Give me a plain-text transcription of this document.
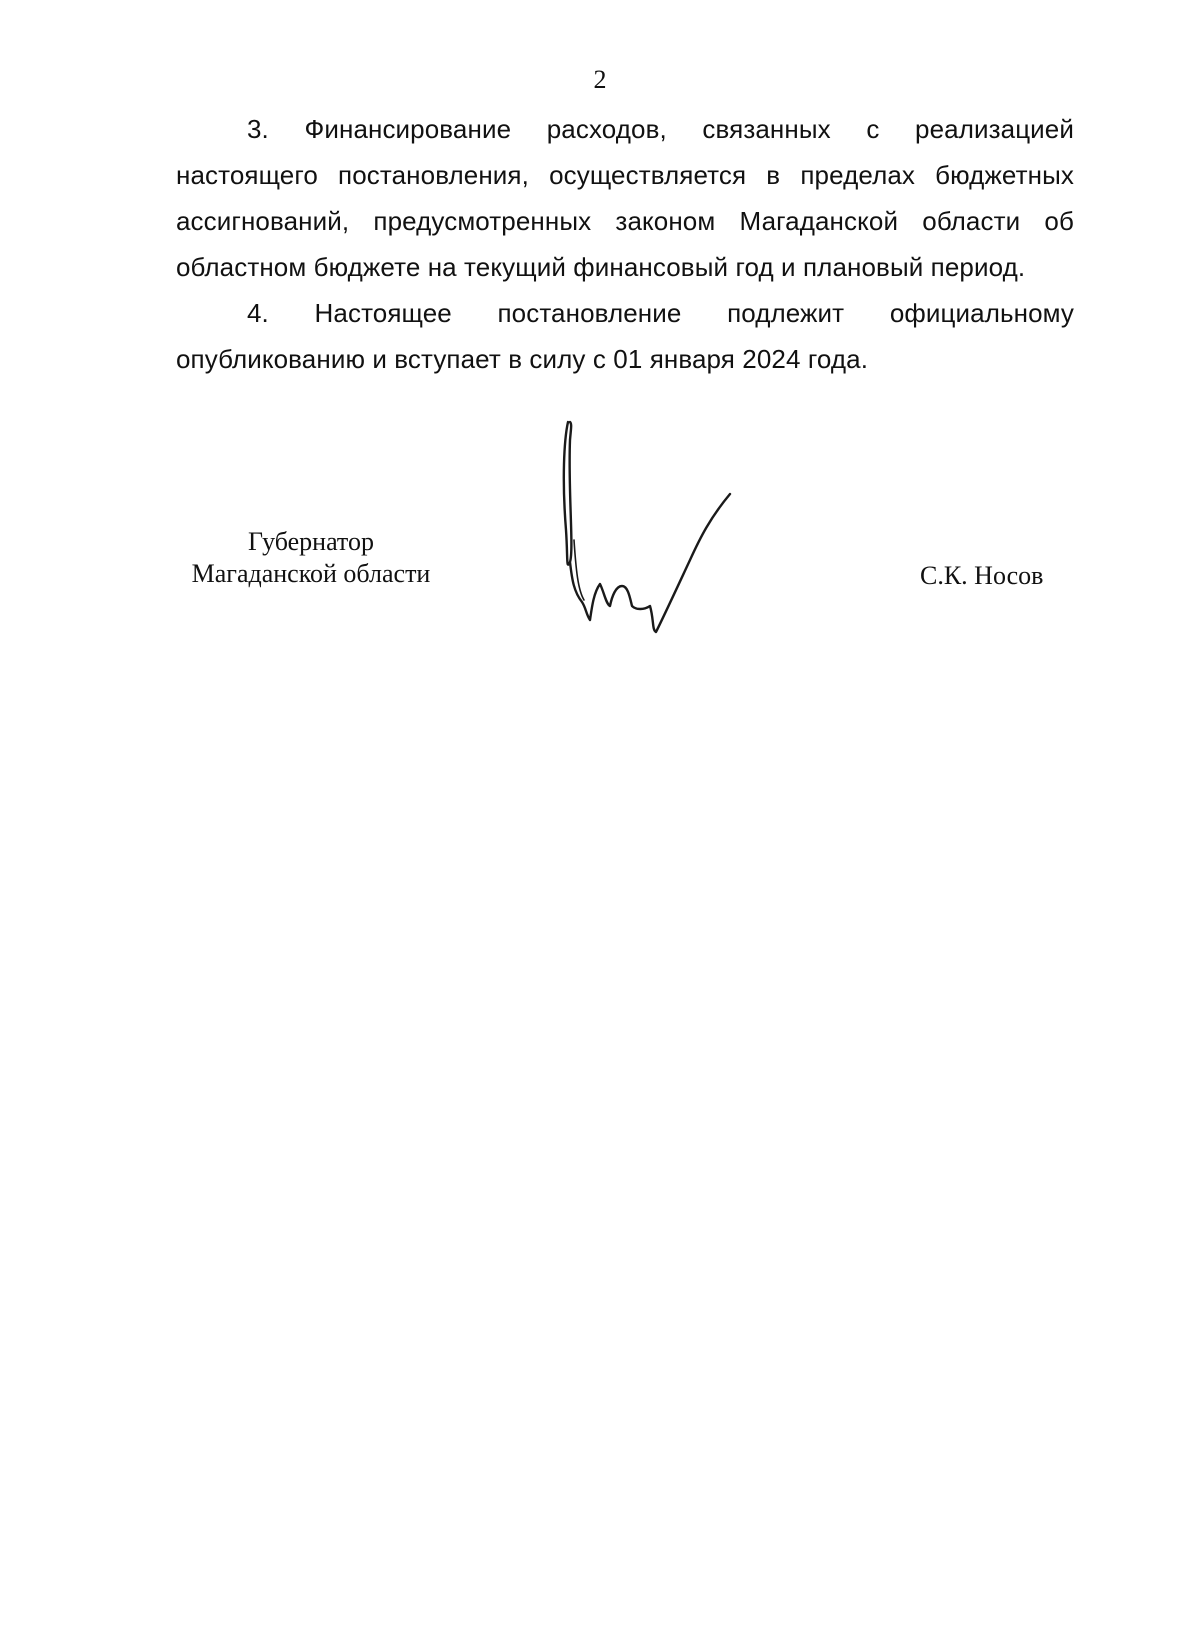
2

3. Финансирование расходов, связанных с реализацией настоящего постановления, осуществляется в пределах бюджетных ассигнований, предусмотренных законом Магаданской области об областном бюджете на текущий финансовый год и плановый период.

4. Настоящее постановление подлежит официальному опубликованию и вступает в силу с 01 января 2024 года.

Губернатор
Магаданской области	С.К. Носов
